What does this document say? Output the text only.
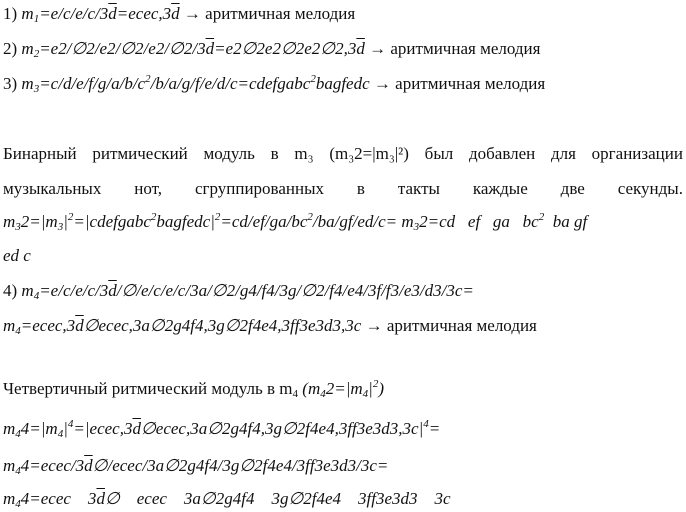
1) $m_1=e/c/e/c/3\overline{d}=ecec,3\overline{d}$ → аритмичная мелодия
2) $m_2=e2/\emptyset 2/e2/\emptyset 2/e2/\emptyset 2/3\overline{d}=e2\emptyset 2e2\emptyset 2e2\emptyset 2,3\overline{d}$ → аритмичная мелодия
3) $m_3=c/d/e/f/g/a/b/c^2/b/a/g/f/e/d/c=cdefgabc^2bagfedc$ → аритмичная мелодия
Бинарный ритмический модуль в m₃ (m₃2=|m₃|²) был добавлен для организации
музыкальных нот, сгруппированных в такты каждые две секунды.
$m_32=|m_3|^2=|cdefgabc^2bagfedc|^2=cd/ef/ga/bc^2/ba/gf/ed/c= m_32=cd$   ef   ga   $bc^2$  ba gf
ed c
4) $m_4=e/c/e/c/3\overline{d}/\emptyset/e/c/e/c/3a/\emptyset 2/g4/f4/3g/\emptyset 2/f4/e4/3f/f3/e3/d3/3c=$
$m_4=ecec,3\overline{d}\emptyset ecec,3a\emptyset 2g4f4,3g\emptyset 2f4e4,3ff3e3d3,3c$ → аритмичная мелодия
Четвертичный ритмический модуль в $m_4$ $(m_42=|m_4|^2)$
$m_44=|m_4|^4=|ecec,3\overline{d}\emptyset ecec,3a\emptyset 2g4f4,3g\emptyset 2f4e4,3ff3e3d3,3c|^4=$
$m_44=ecec/3\overline{d}\emptyset/ecec/3a\emptyset 2g4f4/3g\emptyset 2f4e4/3ff3e3d3/3c=$
$m_44=ecec$    $3\overline{d}\emptyset$    ecec    3a∅2g4f4    3g∅2f4e4    3ff3e3d3    3c
